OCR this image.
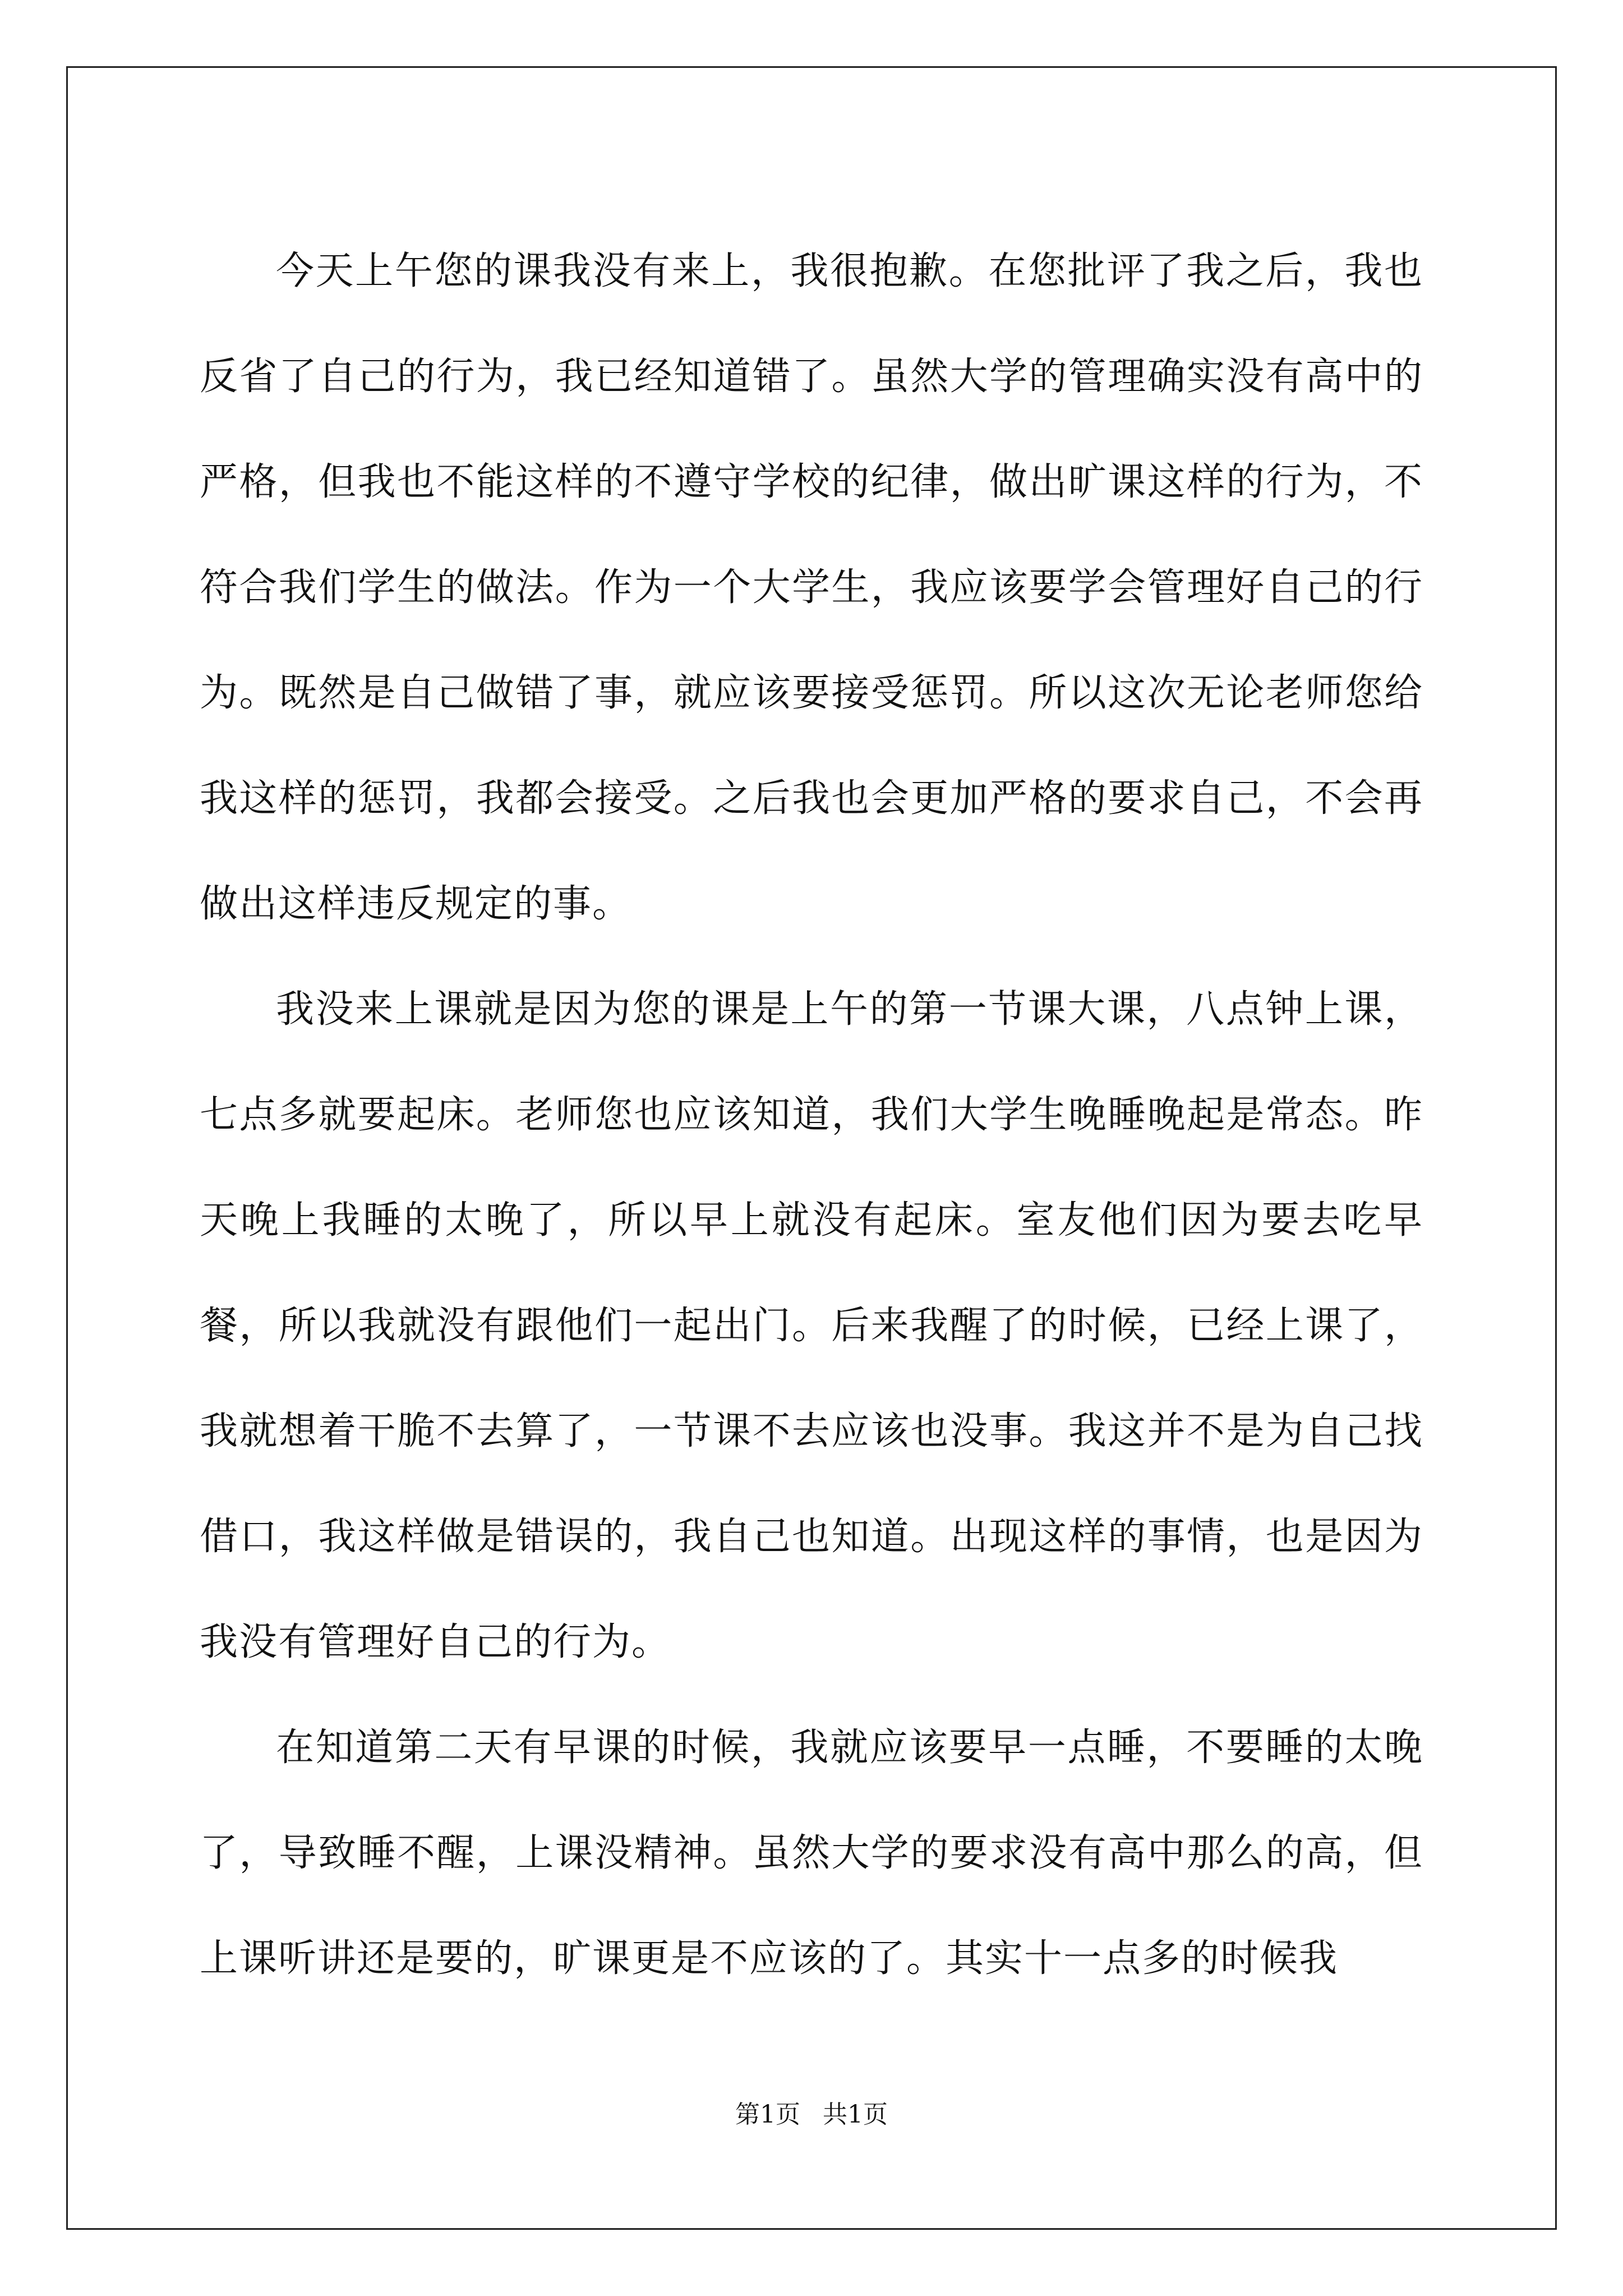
今天上午您的课我没有来上，我很抱歉。在您批评了我之后，我也反省了自己的行为，我已经知道错了。虽然大学的管理确实没有高中的严格，但我也不能这样的不遵守学校的纪律，做出旷课这样的行为，不符合我们学生的做法。作为一个大学生，我应该要学会管理好自己的行为。既然是自己做错了事，就应该要接受惩罚。所以这次无论老师您给我这样的惩罚，我都会接受。之后我也会更加严格的要求自己，不会再做出这样违反规定的事。

我没来上课就是因为您的课是上午的第一节课大课，八点钟上课，七点多就要起床。老师您也应该知道，我们大学生晚睡晚起是常态。昨天晚上我睡的太晚了，所以早上就没有起床。室友他们因为要去吃早餐，所以我就没有跟他们一起出门。后来我醒了的时候，已经上课了，我就想着干脆不去算了，一节课不去应该也没事。我这并不是为自己找借口，我这样做是错误的，我自己也知道。出现这样的事情，也是因为我没有管理好自己的行为。

在知道第二天有早课的时候，我就应该要早一点睡，不要睡的太晚了，导致睡不醒，上课没精神。虽然大学的要求没有高中那么的高，但上课听讲还是要的，旷课更是不应该的了。其实十一点多的时候我

第1页 共1页
